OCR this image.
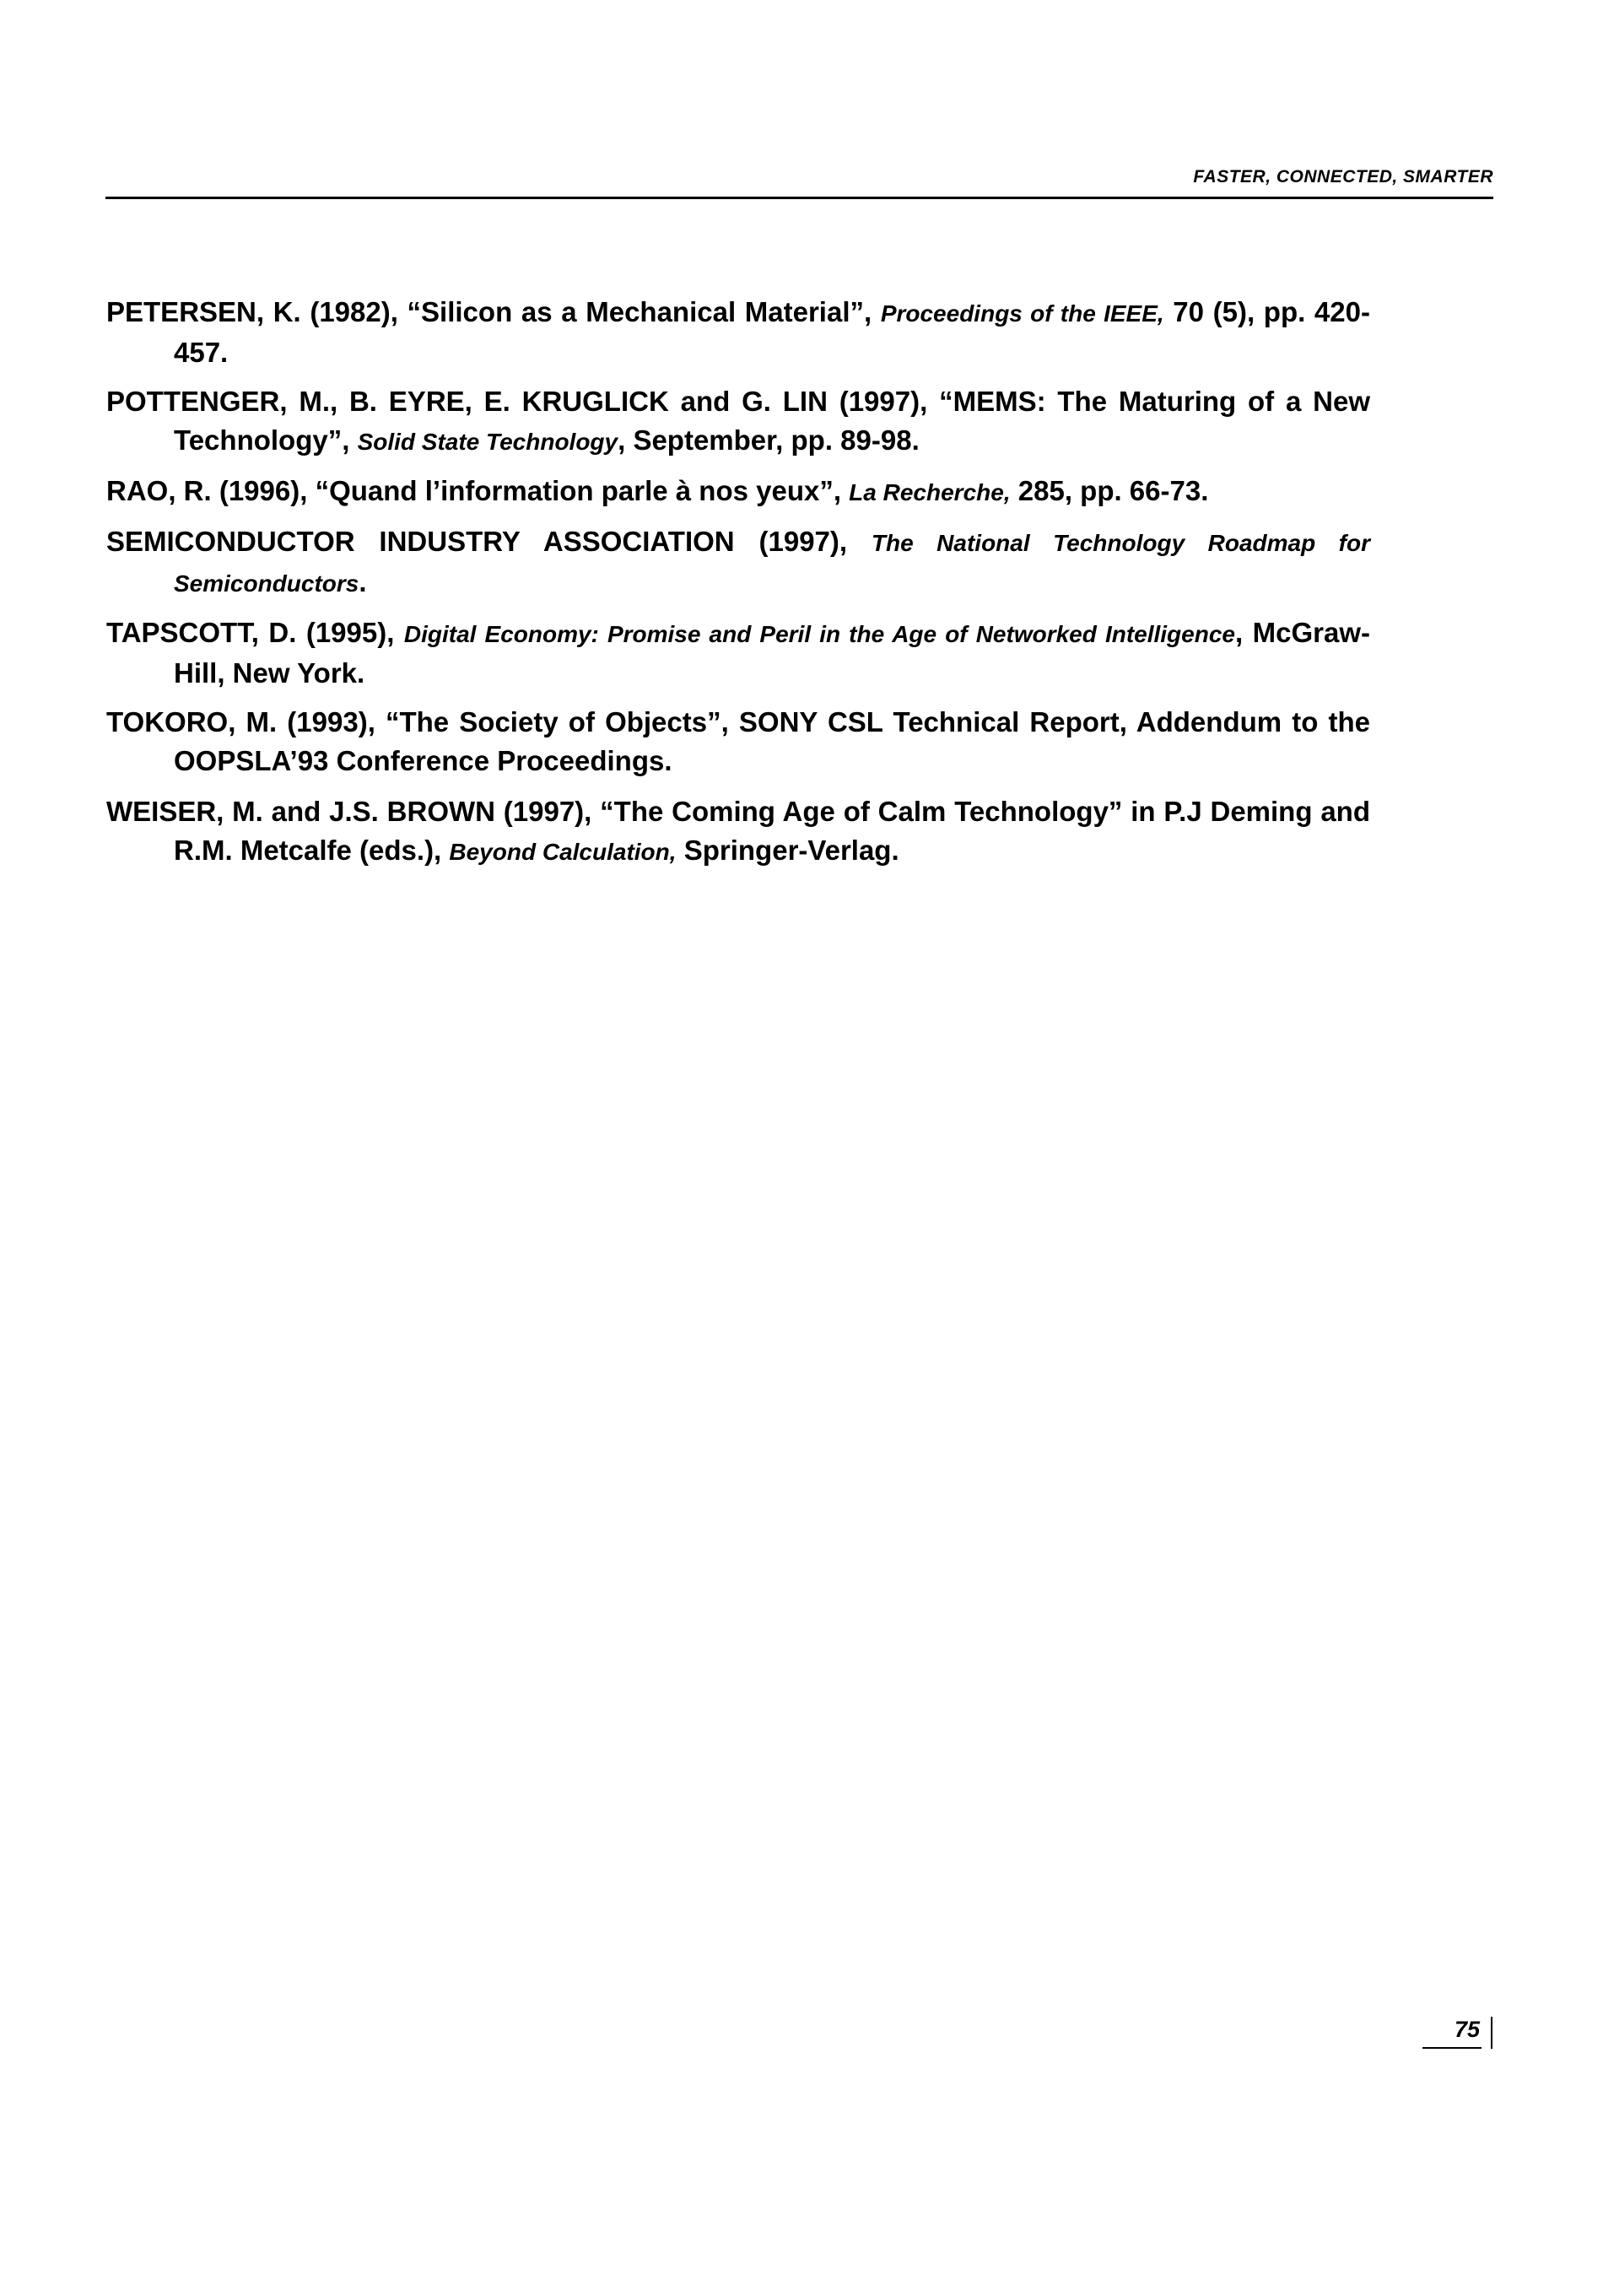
FASTER, CONNECTED, SMARTER
PETERSEN, K. (1982), “Silicon as a Mechanical Material”, Proceedings of the IEEE, 70 (5), pp. 420-457.
POTTENGER, M., B. EYRE, E. KRUGLICK and G. LIN (1997), “MEMS: The Maturing of a New Technology”, Solid State Technology, September, pp. 89-98.
RAO, R. (1996), “Quand l’information parle à nos yeux”, La Recherche, 285, pp. 66-73.
SEMICONDUCTOR INDUSTRY ASSOCIATION (1997), The National Technology Roadmap for Semiconductors.
TAPSCOTT, D. (1995), Digital Economy: Promise and Peril in the Age of Networked Intelligence, McGraw-Hill, New York.
TOKORO, M. (1993), “The Society of Objects”, SONY CSL Technical Report, Addendum to the OOPSLA’93 Conference Proceedings.
WEISER, M. and J.S. BROWN (1997), “The Coming Age of Calm Technology” in P.J Deming and R.M. Metcalfe (eds.), Beyond Calculation, Springer-Verlag.
75
